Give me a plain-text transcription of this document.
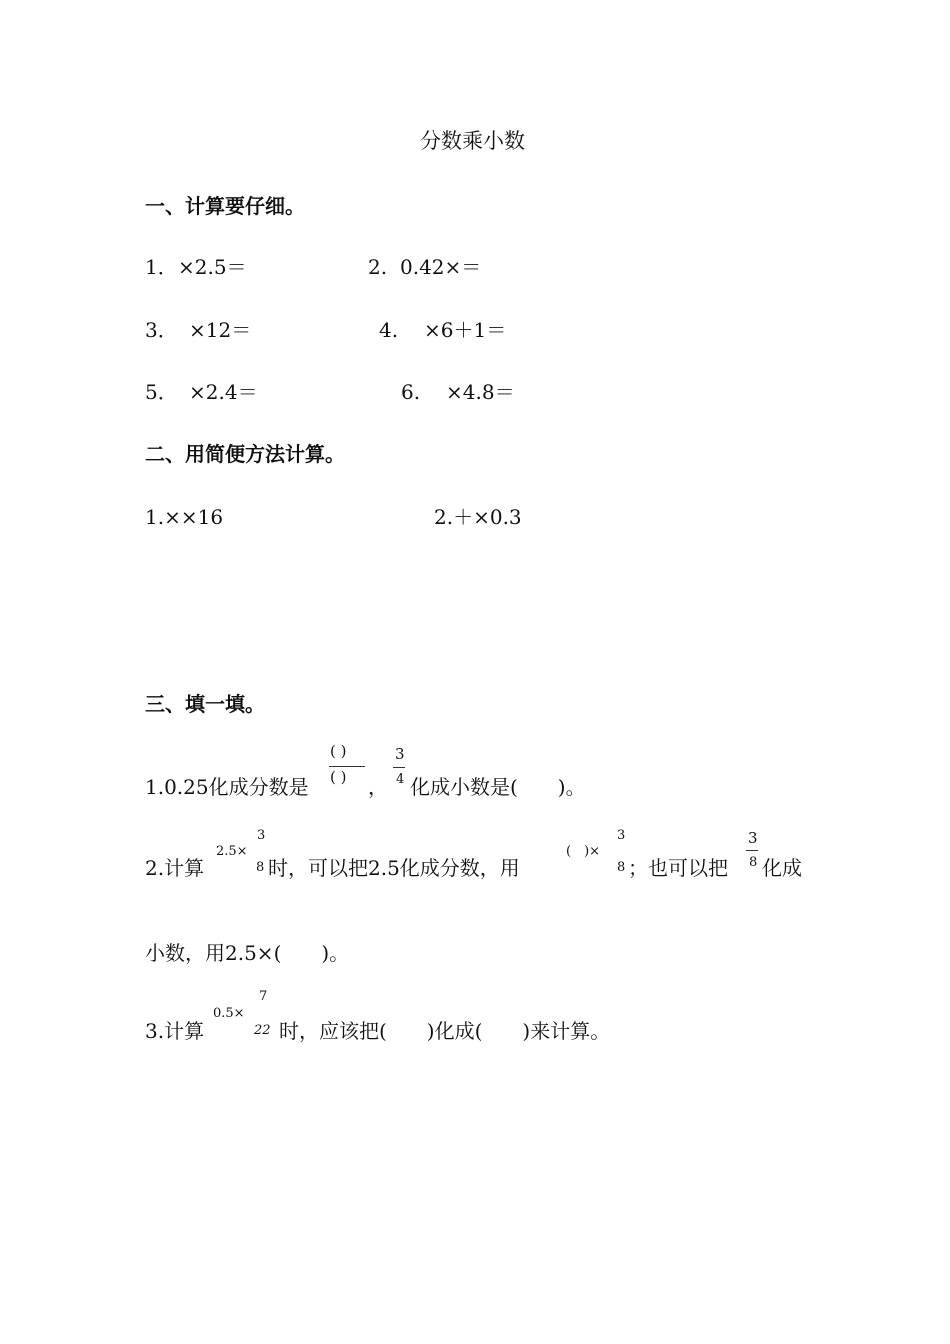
分数乘小数
一、计算要仔细。
1． ×2.5＝	2. 0.42×＝
3． ×12＝	4. ×6＋1＝
5． ×2.4＝	6. ×4.8＝
二、用简便方法计算。
1.××16	2.＋×0.3
三、填一填。
1.0.25化成分数是
( )
( ) ，
3
4 化成小数是(　　)。
2.计算
2.5×
3
8 时，可以把2.5化成分数，用
(　)×
3
8 ；也可以把
3
8 化成
小数，用2.5×(　　)。
3.计算
0.5×
7
22 时，应该把(　　)化成(　　)来计算。
